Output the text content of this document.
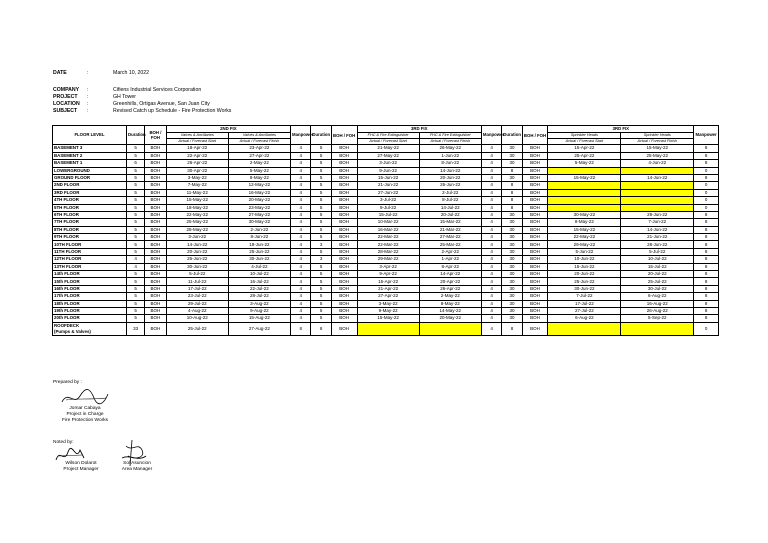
DATE	:	March 10, 2022
COMPANY :	Cifiens Industrial Services Corporation
PROJECT :	GH Tower
LOCATION :	Greenhills, Ortigas Avenue, San Juan City
SUBJECT :	Revised Catch up Schedule - Fire Protection Works
FLOOR LEVEL	Duration	BOH / FOH	2ND FIX		Manpower	Duration	BOH / FOH	3RD FIX		Manpower	Duration	BOH / FOH	3RD FIX		Manpower
			Valves & Ancillaries	Valves & Ancillaries				FHC & Fire Extinguisher	FHC & Fire Extinguisher				Sprinkler Heads	Sprinkler Heads	
			Actual / Forecast Start	Actual / Forecast Finish				Actual / Forecast Start	Actual / Forecast Finish				Actual / Forecast Start	Actual / Forecast Finish	
BASEMENT 3	5	BOH	18-Apr-22	23-Apr-22	4	5	BOH	21-May-22	26-May-22	4	30	BOH	15-Apr-22	15-May-22	8
BASEMENT 2	5	BOH	22-Apr-22	27-Apr-22	4	5	BOH	27-May-22	1-Jun-22	4	30	BOH	25-Apr-22	25-May-22	8
BASEMENT 1	6	BOH	26-Apr-22	2-May-22	4	5	BOH	3-Jun-22	8-Jun-22	4	30	BOH	5-May-22	4-Jun-22	8
LOWERGROUND	5	BOH	30-Apr-22	5-May-22	4	5	BOH	9-Jun-22	14-Jun-22	4	8	BOH			0
GROUND FLOOR	5	BOH	3-May-22	8-May-22	4	5	BOH	15-Jun-22	20-Jun-22	4	30	BOH	15-May-22	14-Jun-22	8
2ND FLOOR	5	BOH	7-May-22	12-May-22	4	5	BOH	21-Jun-22	26-Jun-22	4	8	BOH			0
3RD FLOOR	5	BOH	11-May-22	16-May-22	4	5	BOH	27-Jun-22	2-Jul-22	4	8	BOH			0
4TH FLOOR	5	BOH	15-May-22	20-May-22	4	5	BOH	3-Jul-22	8-Jul-22	4	8	BOH			0
5TH FLOOR	5	BOH	18-May-22	23-May-22	4	5	BOH	9-Jul-22	14-Jul-22	4	8	BOH			0
6TH FLOOR	5	BOH	22-May-22	27-May-22	4	5	BOH	15-Jul-22	20-Jul-22	4	30	BOH	30-May-22	29-Jun-22	8
7TH FLOOR	5	BOH	25-May-22	30-May-22	4	5	BOH	10-Mar-22	15-Mar-22	4	30	BOH	8-May-22	7-Jun-22	8
8TH FLOOR	5	BOH	28-May-22	2-Jun-22	4	5	BOH	16-Mar-22	21-Mar-22	4	30	BOH	15-May-22	14-Jun-22	8
9TH FLOOR	5	BOH	3-Jun-22	8-Jun-22	4	5	BOH	22-Mar-22	27-Mar-22	4	30	BOH	22-May-22	21-Jun-22	8
10TH FLOOR	5	BOH	14-Jun-22	19-Jun-22	4	3	BOH	22-Mar-22	25-Mar-22	4	30	BOH	29-May-22	28-Jun-22	8
11TH FLOOR	5	BOH	20-Jun-22	25-Jun-22	4	5	BOH	28-Mar-22	2-Apr-22	4	30	BOH	5-Jun-22	5-Jul-22	8
12TH FLOOR	4	BOH	26-Jun-22	30-Jun-22	4	3	BOH	29-Mar-22	1-Apr-22	4	30	BOH	10-Jun-22	10-Jul-22	8
13TH FLOOR	4	BOH	30-Jun-22	4-Jul-22	4	5	BOH	3-Apr-22	8-Apr-22	4	30	BOH	15-Jun-22	15-Jul-22	8
14th FLOOR	5	BOH	5-Jul-22	10-Jul-22	4	5	BOH	9-Apr-22	14-Apr-22	4	30	BOH	20-Jun-22	20-Jul-22	8
15th FLOOR	5	BOH	11-Jul-22	16-Jul-22	4	5	BOH	15-Apr-22	20-Apr-22	4	30	BOH	25-Jun-22	25-Jul-22	8
16th FLOOR	5	BOH	17-Jul-22	22-Jul-22	4	5	BOH	21-Apr-22	26-Apr-22	4	30	BOH	30-Jun-22	30-Jul-22	8
17th FLOOR	5	BOH	23-Jul-22	28-Jul-22	4	5	BOH	27-Apr-22	2-May-22	4	30	BOH	7-Jul-22	6-Aug-22	8
18th FLOOR	5	BOH	29-Jul-22	3-Aug-22	4	5	BOH	3-May-22	8-May-22	4	30	BOH	17-Jul-22	16-Aug-22	8
19th FLOOR	5	BOH	4-Aug-22	9-Aug-22	4	5	BOH	9-May-22	14-May-22	4	30	BOH	27-Jul-22	26-Aug-22	8
20th FLOOR	5	BOH	10-Aug-22	15-Aug-22	4	5	BOH	15-May-22	20-May-22	4	30	BOH	6-Aug-22	5-Sep-22	8

ROOFDECK
(Pumps & Valves)	33	BOH	25-Jul-22	27-Aug-22	8	8	BOH			4	8	BOH			0
Prepared by :
Jomar Cabaya
Project in Charge
Fire Protection Works
Noted by:
Wilson Dolarot
Project Manager
Sol Asuncion
Area Manager
